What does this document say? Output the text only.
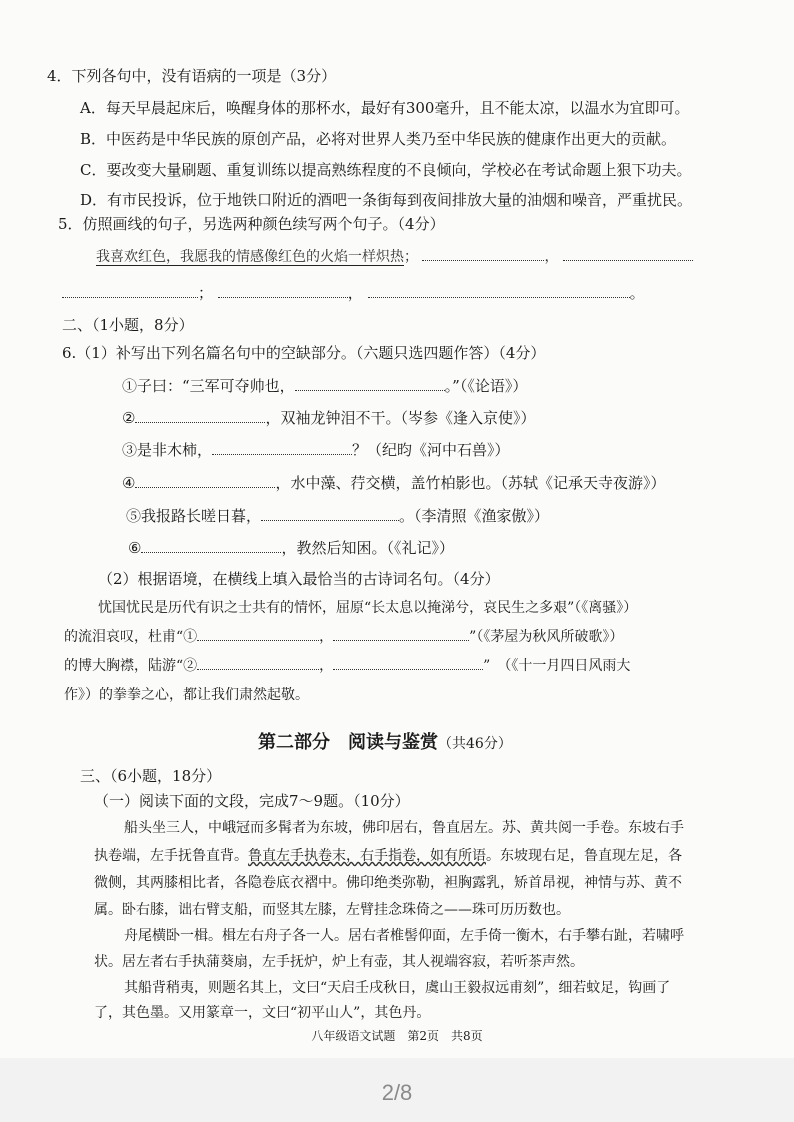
4．下列各句中，没有语病的一项是（3分）
A．每天早晨起床后，唤醒身体的那杯水，最好有300毫升，且不能太凉，以温水为宜即可。
B．中医药是中华民族的原创产品，必将对世界人类乃至中华民族的健康作出更大的贡献。
C．要改变大量刷题、重复训练以提高熟练程度的不良倾向，学校必在考试命题上狠下功夫。
D．有市民投诉，位于地铁口附近的酒吧一条街每到夜间排放大量的油烟和噪音，严重扰民。
5．仿照画线的句子，另选两种颜色续写两个句子。（4分）
我喜欢红色，我愿我的情感像红色的火焰一样炽热；	，
；	，	。
二、（1小题，8分）
6.（1）补写出下列名篇名句中的空缺部分。（六题只选四题作答）（4分）
①子曰：“三军可夺帅也，	。”（《论语》）
②	，双袖龙钟泪不干。（岑参《逢入京使》）
③是非木柿，	？（纪昀《河中石兽》）
④	，水中藻、荇交横，盖竹柏影也。（苏轼《记承天寺夜游》）
⑤我报路长嗟日暮，	。（李清照《渔家傲》）
⑥	，教然后知困。（《礼记》）
（2）根据语境，在横线上填入最恰当的古诗词名句。（4分）
忧国忧民是历代有识之士共有的情怀，屈原“长太息以掩涕兮，哀民生之多艰”（《离骚》）
的流泪哀叹，杜甫“①	，	”（《茅屋为秋风所破歌》）
的博大胸襟，陆游“②	，	”　（《十一月四日风雨大
作》）的拳拳之心，都让我们肃然起敬。
第二部分　阅读与鉴赏（共46分）
三、（6小题，18分）
（一）阅读下面的文段，完成7～9题。（10分）
船头坐三人，中峨冠而多髯者为东坡，佛印居右，鲁直居左。苏、黄共阅一手卷。东坡右手
执卷端，左手抚鲁直背。鲁直左手执卷末，右手指卷，如有所语。东坡现右足，鲁直现左足，各
微侧，其两膝相比者，各隐卷底衣褶中。佛印绝类弥勒，袒胸露乳，矫首昂视，神情与苏、黄不
属。卧右膝，诎右臂支船，而竖其左膝，左臂挂念珠倚之——珠可历历数也。
舟尾横卧一楫。楫左右舟子各一人。居右者椎髻仰面，左手倚一衡木，右手攀右趾，若啸呼
状。居左者右手执蒲葵扇，左手抚炉，炉上有壶，其人视端容寂，若听茶声然。
其船背稍夷，则题名其上，文曰“天启壬戌秋日，虞山王毅叔远甫刻”，细若蚊足，钩画了
了，其色墨。又用篆章一，文曰“初平山人”，其色丹。
八年级语文试题　第2页　共8页
2/8
